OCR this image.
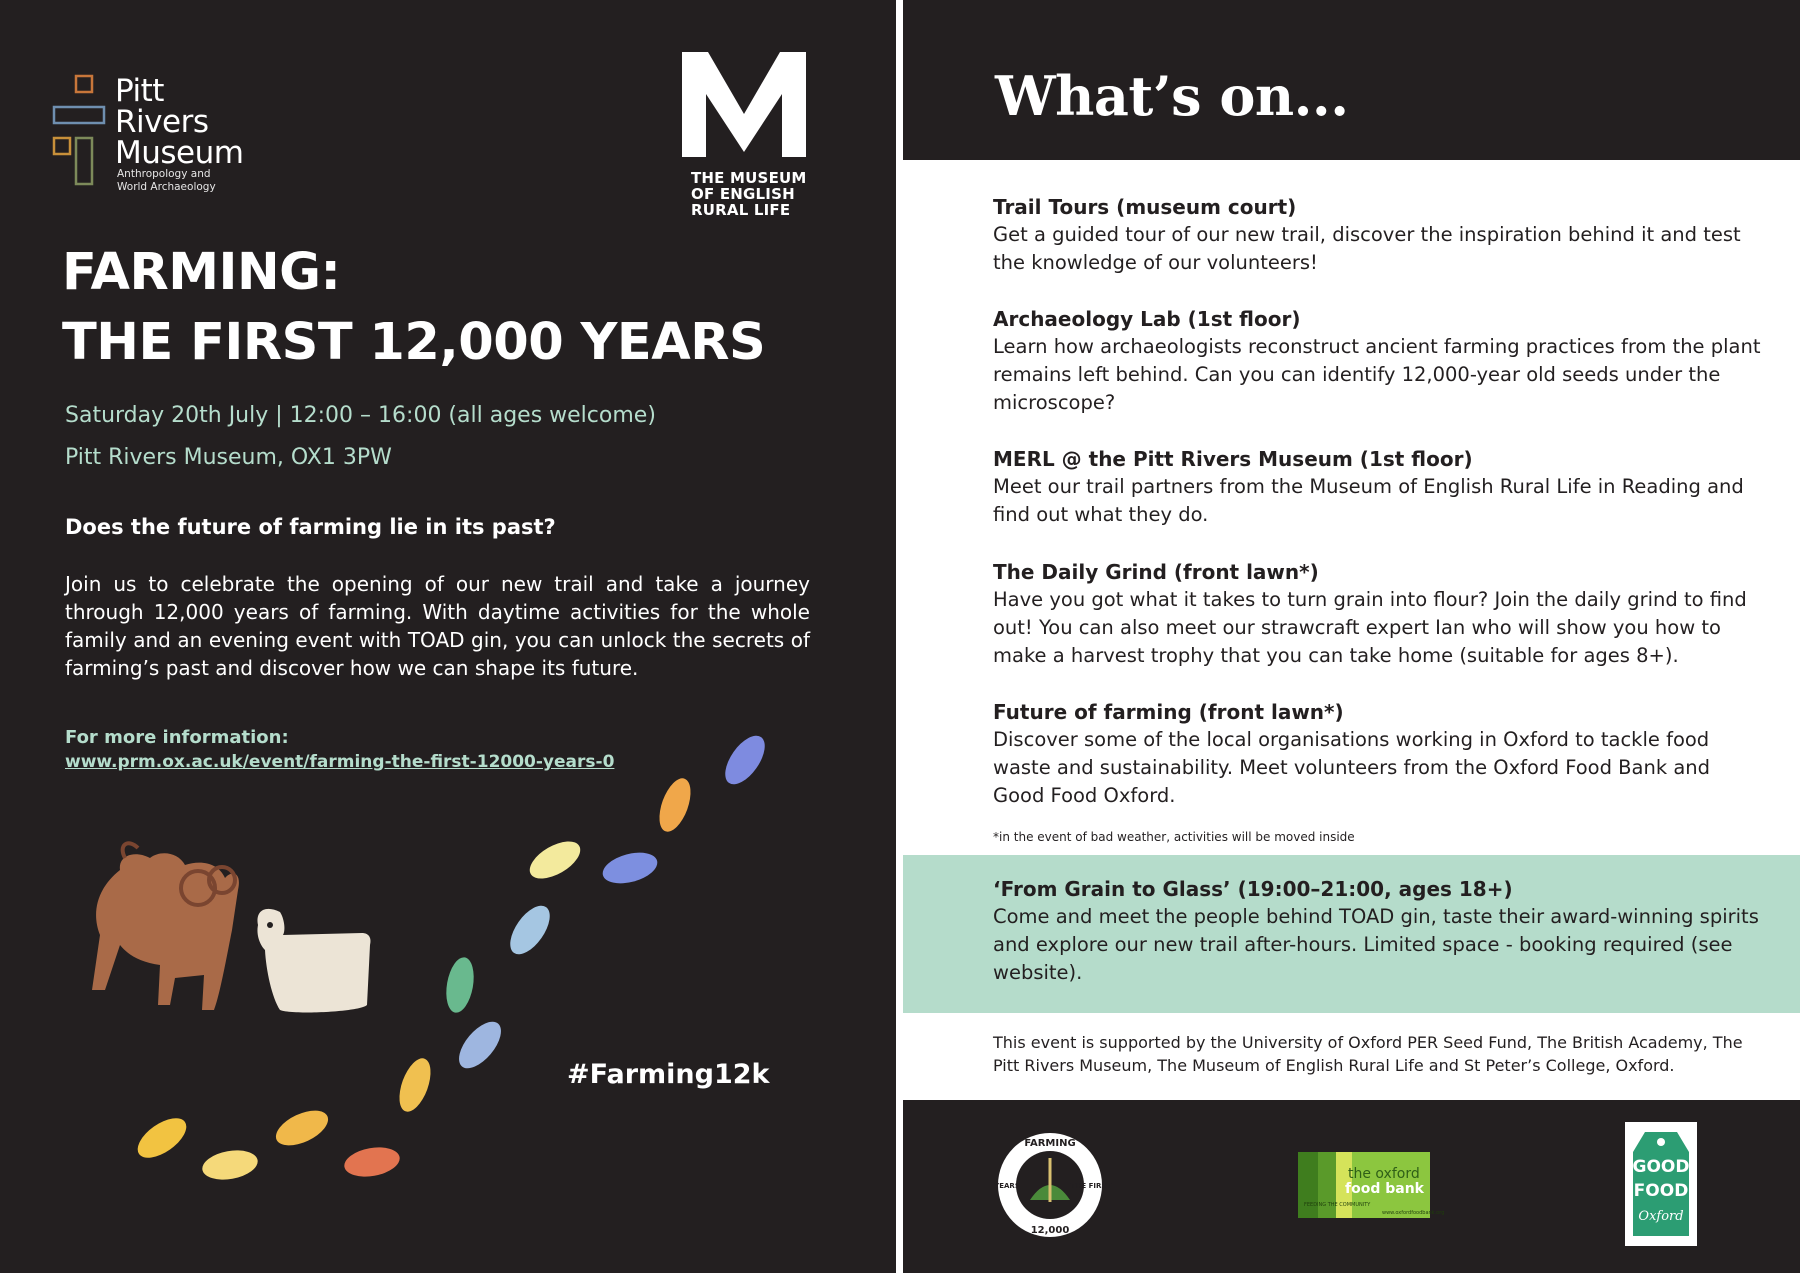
Pitt
Rivers
Museum
Anthropology and
World Archaeology	THE MUSEUM
OF ENGLISH
RURAL LIFE
FARMING:
THE FIRST 12,000 YEARS
Saturday 20th July | 12:00 – 16:00 (all ages welcome)
Pitt Rivers Museum, OX1 3PW
Does the future of farming lie in its past?
Join us to celebrate the opening of our new trail and take a journey through 12,000 years of farming. With daytime activities for the whole family and an evening event with TOAD gin, you can unlock the secrets of farming’s past and discover how we can shape its future.
For more information:
www.prm.ox.ac.uk/event/farming-the-first-12000-years-0
#Farming12k
What’s on...
Trail Tours (museum court)

Get a guided tour of our new trail, discover the inspiration behind it and test the knowledge of our volunteers!

Archaeology Lab (1st floor)

Learn how archaeologists reconstruct ancient farming practices from the plant remains left behind. Can you can identify 12,000-year old seeds under the microscope?

MERL @ the Pitt Rivers Museum (1st floor)

Meet our trail partners from the Museum of English Rural Life in Reading and find out what they do.

The Daily Grind (front lawn*)

Have you got what it takes to turn grain into flour? Join the daily grind to find out! You can also meet our strawcraft expert Ian who will show you how to make a harvest trophy that you can take home (suitable for ages 8+).

Future of farming (front lawn*)

Discover some of the local organisations working in Oxford to tackle food waste and sustainability. Meet volunteers from the Oxford Food Bank and Good Food Oxford.

*in the event of bad weather, activities will be moved inside
‘From Grain to Glass’ (19:00–21:00, ages 18+)

Come and meet the people behind TOAD gin, taste their award-winning spirits and explore our new trail after-hours. Limited space - booking required (see website).

This event is supported by the University of Oxford PER Seed Fund, The British Academy, The Pitt Rivers Museum, The Museum of English Rural Life and St Peter’s College, Oxford.
FARMING
12,000
THE FIRST
YEARS
the oxford
food bank
FEEDING THE COMMUNITY
www.oxfordfoodbank.org
GOOD
FOOD
Oxford
